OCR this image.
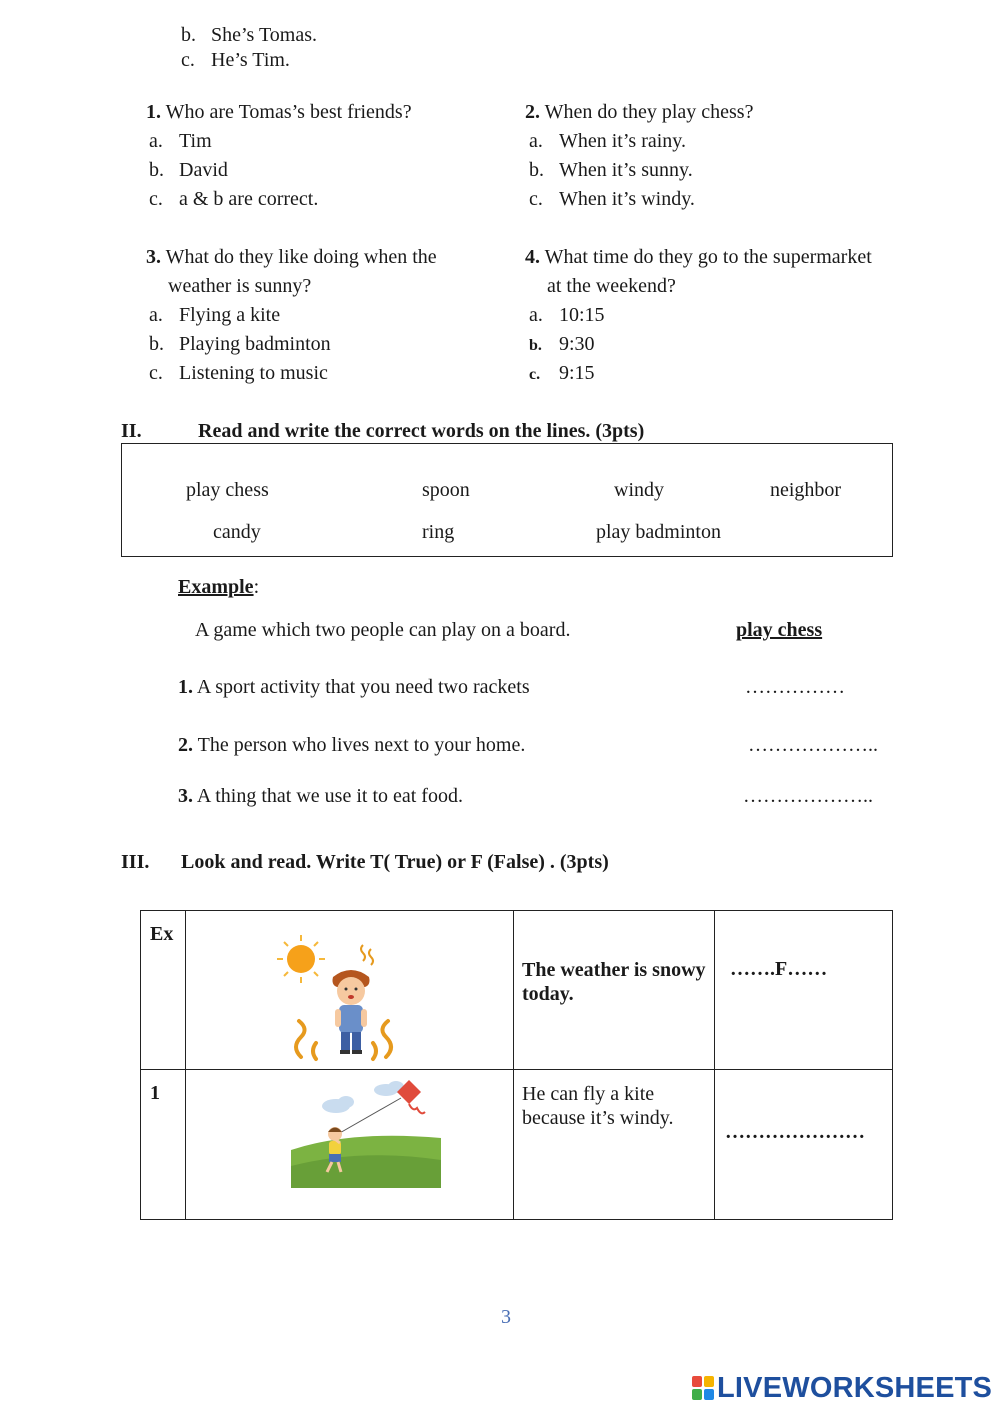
b. She’s Tomas.
c. He’s Tim.
1. Who are Tomas’s best friends?
a. Tim
b. David
c. a & b are correct.
2. When do they play chess?
a. When it’s rainy.
b. When it’s sunny.
c. When it’s windy.
3. What do they like doing when the
weather is sunny?
a. Flying a kite
b. Playing badminton
c. Listening to music
4. What time do they go to the supermarket
at the weekend?
a. 10:15
b. 9:30
c. 9:15
II.	Read and write the correct words on the lines. (3pts)
play chess	spoon	windy	neighbor
candy	ring	play badminton
Example:
A game which two people can play on a board.	play chess
1. A sport activity that you need two rackets	……………
2. The person who lives next to your home.	………………..
3. A thing that we use it to eat food.	………………..
III. Look and read. Write T( True) or F (False) . (3pts)
Ex		The weather is snowy today.	…….F……

1		He can fly a kite because it’s windy.	…………………
3
LIVEWORKSHEETS
